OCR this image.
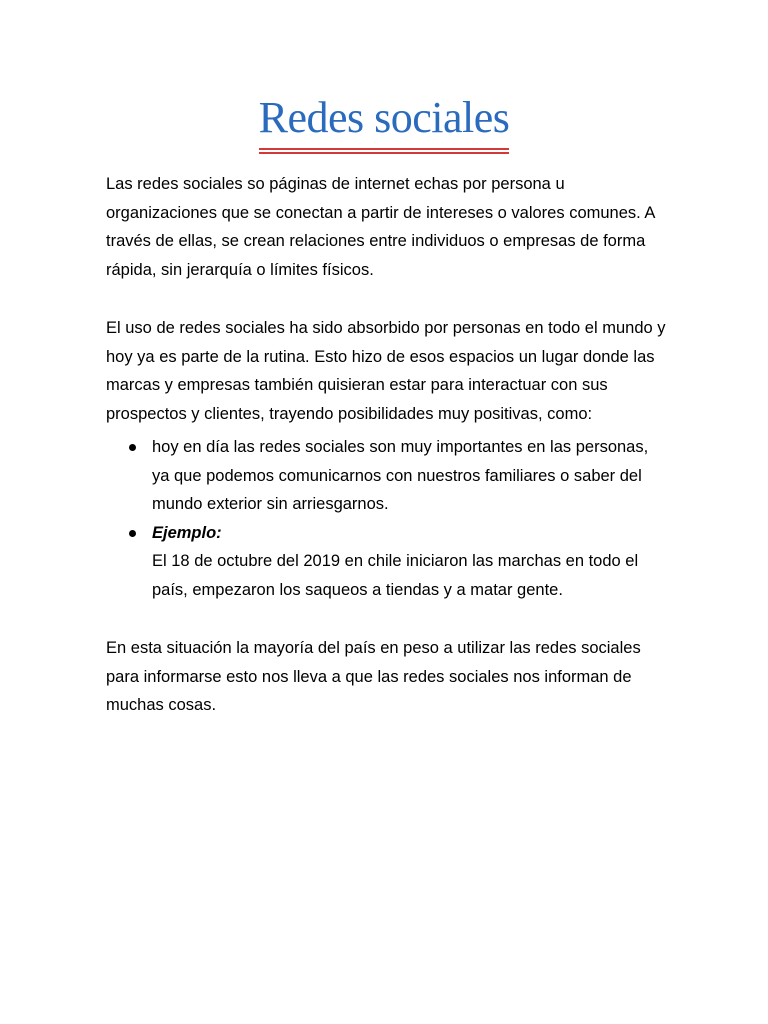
Redes sociales

Las redes sociales so páginas de internet echas por persona u organizaciones que se conectan a partir de intereses o valores comunes. A través de ellas, se crean relaciones entre individuos o empresas de forma rápida, sin jerarquía o límites físicos.

El uso de redes sociales ha sido absorbido por personas en todo el mundo y hoy ya es parte de la rutina. Esto hizo de esos espacios un lugar donde las marcas y empresas también quisieran estar para interactuar con sus prospectos y clientes, trayendo posibilidades muy positivas, como:

hoy en día las redes sociales son muy importantes en las personas, ya que podemos comunicarnos con nuestros familiares o saber del mundo exterior sin arriesgarnos.
Ejemplo:
El 18 de octubre del 2019 en chile iniciaron las marchas en todo el país, empezaron los saqueos a tiendas y a matar gente.

En esta situación la mayoría del país en peso a utilizar las redes sociales para informarse esto nos lleva a que las redes sociales nos informan de muchas cosas.
